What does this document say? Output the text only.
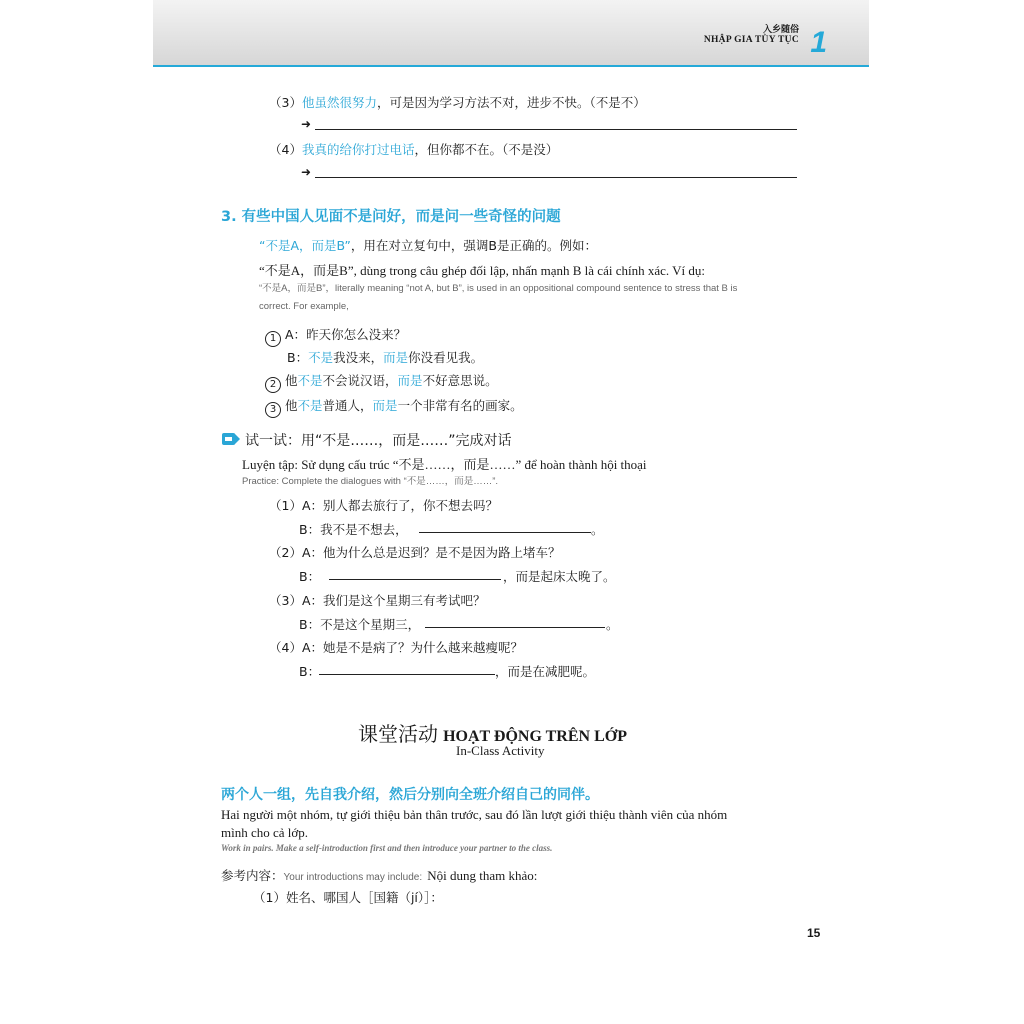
入乡随俗
NHẬP GIA TÙY TỤC 1
（3）他虽然很努力，可是因为学习方法不对，进步不快。（不是不）
➜
（4）我真的给你打过电话，但你都不在。（不是没）
➜
3. 有些中国人见面不是问好，而是问一些奇怪的问题
“不是A，而是B”，用在对立复句中，强调B是正确的。例如：
“不是A，而是B”, dùng trong câu ghép đối lập, nhấn mạnh B là cái chính xác. Ví dụ:
“不是A，而是B”，literally meaning “not A, but B”, is used in an oppositional compound sentence to stress that B is
correct. For example,
1 A：昨天你怎么没来？
B：不是我没来，而是你没看见我。
2 他不是不会说汉语，而是不好意思说。
3 他不是普通人，而是一个非常有名的画家。
试一试：用“不是……，而是……”完成对话
Luyện tập: Sử dụng cấu trúc “不是……，而是……” để hoàn thành hội thoại
Practice: Complete the dialogues with “不是……，而是……”.
（1）A：别人都去旅行了，你不想去吗？
B：我不是不想去，	。
（2）A：他为什么总是迟到？是不是因为路上堵车？
B：	，而是起床太晚了。
（3）A：我们是这个星期三有考试吧？
B：不是这个星期三，	。
（4）A：她是不是病了？为什么越来越瘦呢？
B：	，而是在减肥呢。
课堂活动 HOẠT ĐỘNG TRÊN LỚP
In-Class Activity
两个人一组，先自我介绍，然后分别向全班介绍自己的同伴。
Hai người một nhóm, tự giới thiệu bản thân trước, sau đó lần lượt giới thiệu thành viên của nhóm
mình cho cả lớp.
Work in pairs. Make a self-introduction first and then introduce your partner to the class.
参考内容：Your introductions may include: Nội dung tham khảo:
（1）姓名、哪国人［国籍（jí）］：
15
